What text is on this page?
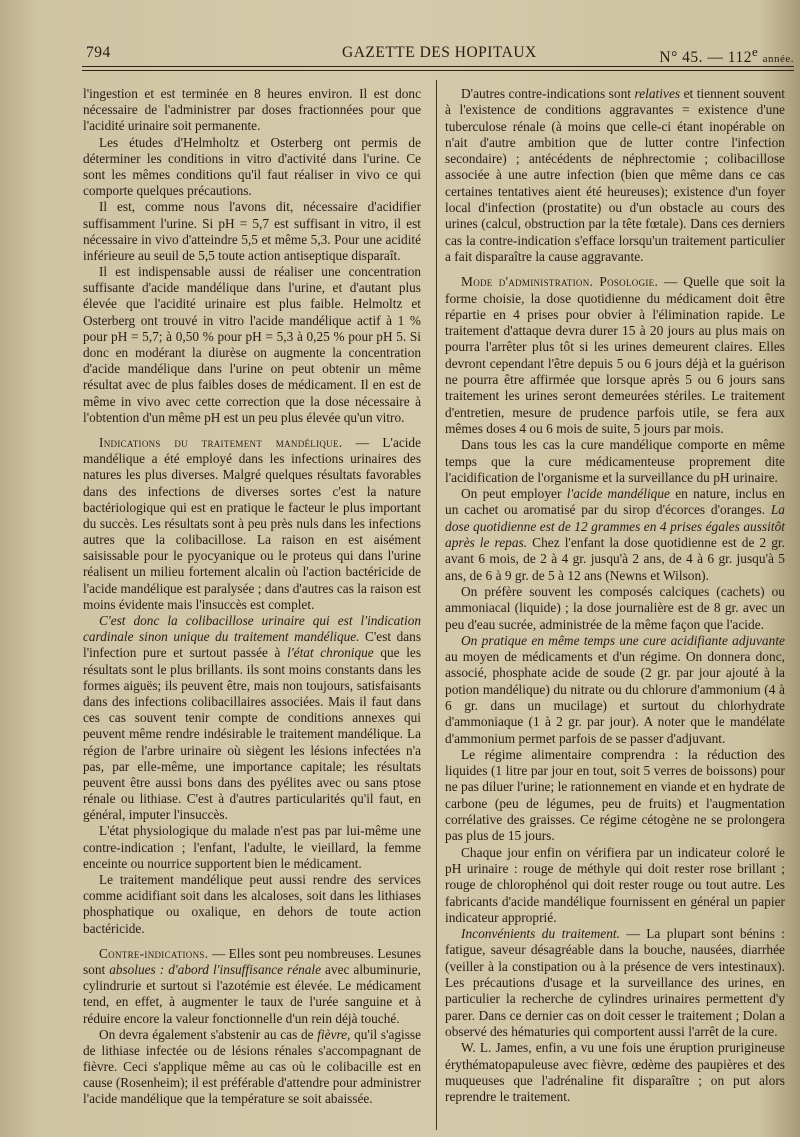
794	GAZETTE DES HOPITAUX	N° 45. — 112e année.

l'ingestion et est terminée en 8 heures environ. Il est donc nécessaire de l'administrer par doses fractionnées pour que l'acidité urinaire soit permanente.

Les études d'Helmholtz et Osterberg ont permis de déterminer les conditions in vitro d'activité dans l'urine. Ce sont les mêmes conditions qu'il faut réaliser in vivo ce qui comporte quelques précautions.

Il est, comme nous l'avons dit, nécessaire d'acidifier suffisamment l'urine. Si pH = 5,7 est suffisant in vitro, il est nécessaire in vivo d'atteindre 5,5 et même 5,3. Pour une acidité inférieure au seuil de 5,5 toute action antiseptique disparaît.

Il est indispensable aussi de réaliser une concentration suffisante d'acide mandélique dans l'urine, et d'autant plus élevée que l'acidité urinaire est plus faible. Helmoltz et Osterberg ont trouvé in vitro l'acide mandélique actif à 1 % pour pH = 5,7; à 0,50 % pour pH = 5,3 à 0,25 % pour pH 5. Si donc en modérant la diurèse on augmente la concentration d'acide mandélique dans l'urine on peut obtenir un même résultat avec de plus faibles doses de médicament. Il en est de même in vivo avec cette correction que la dose nécessaire à l'obtention d'un même pH est un peu plus élevée qu'un vitro.

Indications du traitement mandélique. — L'acide mandélique a été employé dans les infections urinaires des natures les plus diverses. Malgré quelques résultats favorables dans des infections de diverses sortes c'est la nature bactériologique qui est en pratique le facteur le plus important du succès. Les résultats sont à peu près nuls dans les infections autres que la colibacillose. La raison en est aisément saisissable pour le pyocyanique ou le proteus qui dans l'urine réalisent un milieu fortement alcalin où l'action bactéricide de l'acide mandélique est paralysée ; dans d'autres cas la raison est moins évidente mais l'insuccès est complet.

C'est donc la colibacillose urinaire qui est l'indication cardinale sinon unique du traitement mandélique. C'est dans l'infection pure et surtout passée à l'état chronique que les résultats sont le plus brillants. ils sont moins constants dans les formes aiguës; ils peuvent être, mais non toujours, satisfaisants dans des infections colibacillaires associées. Mais il faut dans ces cas souvent tenir compte de conditions annexes qui peuvent même rendre indésirable le traitement mandélique. La région de l'arbre urinaire où siègent les lésions infectées n'a pas, par elle-même, une importance capitale; les résultats peuvent être aussi bons dans des pyélites avec ou sans ptose rénale ou lithiase. C'est à d'autres particularités qu'il faut, en général, imputer l'insuccès.

L'état physiologique du malade n'est pas par lui-même une contre-indication ; l'enfant, l'adulte, le vieillard, la femme enceinte ou nourrice supportent bien le médicament.

Le traitement mandélique peut aussi rendre des services comme acidifiant soit dans les alcaloses, soit dans les lithiases phosphatique ou oxalique, en dehors de toute action bactéricide.

Contre-indications. — Elles sont peu nombreuses. Lesunes sont absolues : d'abord l'insuffisance rénale avec albuminurie, cylindrurie et surtout si l'azotémie est élevée. Le médicament tend, en effet, à augmenter le taux de l'urée sanguine et à réduire encore la valeur fonctionnelle d'un rein déjà touché.

On devra également s'abstenir au cas de fièvre, qu'il s'agisse de lithiase infectée ou de lésions rénales s'accompagnant de fièvre. Ceci s'applique même au cas où le colibacille est en cause (Rosenheim); il est préférable d'attendre pour administrer l'acide mandélique que la température se soit abaissée.

D'autres contre-indications sont relatives et tiennent souvent à l'existence de conditions aggravantes = existence d'une tuberculose rénale (à moins que celle-ci étant inopérable on n'ait d'autre ambition que de lutter contre l'infection secondaire) ; antécédents de néphrectomie ; colibacillose associée à une autre infection (bien que même dans ce cas certaines tentatives aient été heureuses); existence d'un foyer local d'infection (prostatite) ou d'un obstacle au cours des urines (calcul, obstruction par la tête fœtale). Dans ces derniers cas la contre-indication s'efface lorsqu'un traitement particulier a fait disparaître la cause aggravante.

Mode d'administration. Posologie. — Quelle que soit la forme choisie, la dose quotidienne du médicament doit être répartie en 4 prises pour obvier à l'élimination rapide. Le traitement d'attaque devra durer 15 à 20 jours au plus mais on pourra l'arrêter plus tôt si les urines demeurent claires. Elles devront cependant l'être depuis 5 ou 6 jours déjà et la guérison ne pourra être affirmée que lorsque après 5 ou 6 jours sans traitement les urines seront demeurées stériles. Le traitement d'entretien, mesure de prudence parfois utile, se fera aux mêmes doses 4 ou 6 mois de suite, 5 jours par mois.

Dans tous les cas la cure mandélique comporte en même temps que la cure médicamenteuse proprement dite l'acidification de l'organisme et la surveillance du pH urinaire.

On peut employer l'acide mandélique en nature, inclus en un cachet ou aromatisé par du sirop d'écorces d'oranges. La dose quotidienne est de 12 grammes en 4 prises égales aussitôt après le repas. Chez l'enfant la dose quotidienne est de 2 gr. avant 6 mois, de 2 à 4 gr. jusqu'à 2 ans, de 4 à 6 gr. jusqu'à 5 ans, de 6 à 9 gr. de 5 à 12 ans (Newns et Wilson).

On préfère souvent les composés calciques (cachets) ou ammoniacal (liquide) ; la dose journalière est de 8 gr. avec un peu d'eau sucrée, administrée de la même façon que l'acide.

On pratique en même temps une cure acidifiante adjuvante au moyen de médicaments et d'un régime. On donnera donc, associé, phosphate acide de soude (2 gr. par jour ajouté à la potion mandélique) du nitrate ou du chlorure d'ammonium (4 à 6 gr. dans un mucilage) et surtout du chlorhydrate d'ammoniaque (1 à 2 gr. par jour). A noter que le mandélate d'ammonium permet parfois de se passer d'adjuvant.

Le régime alimentaire comprendra : la réduction des liquides (1 litre par jour en tout, soit 5 verres de boissons) pour ne pas diluer l'urine; le rationnement en viande et en hydrate de carbone (peu de légumes, peu de fruits) et l'augmentation corrélative des graisses. Ce régime cétogène ne se prolongera pas plus de 15 jours.

Chaque jour enfin on vérifiera par un indicateur coloré le pH urinaire : rouge de méthyle qui doit rester rose brillant ; rouge de chlorophénol qui doit rester rouge ou tout autre. Les fabricants d'acide mandélique fournissent en général un papier indicateur approprié.

Inconvénients du traitement. — La plupart sont bénins : fatigue, saveur désagréable dans la bouche, nausées, diarrhée (veiller à la constipation ou à la présence de vers intestinaux). Les précautions d'usage et la surveillance des urines, en particulier la recherche de cylindres urinaires permettent d'y parer. Dans ce dernier cas on doit cesser le traitement ; Dolan a observé des hématuries qui comportent aussi l'arrêt de la cure.

W. L. James, enfin, a vu une fois une éruption prurigineuse érythématopapuleuse avec fièvre, œdème des paupières et des muqueuses que l'adrénaline fit disparaître ; on put alors reprendre le traitement.
